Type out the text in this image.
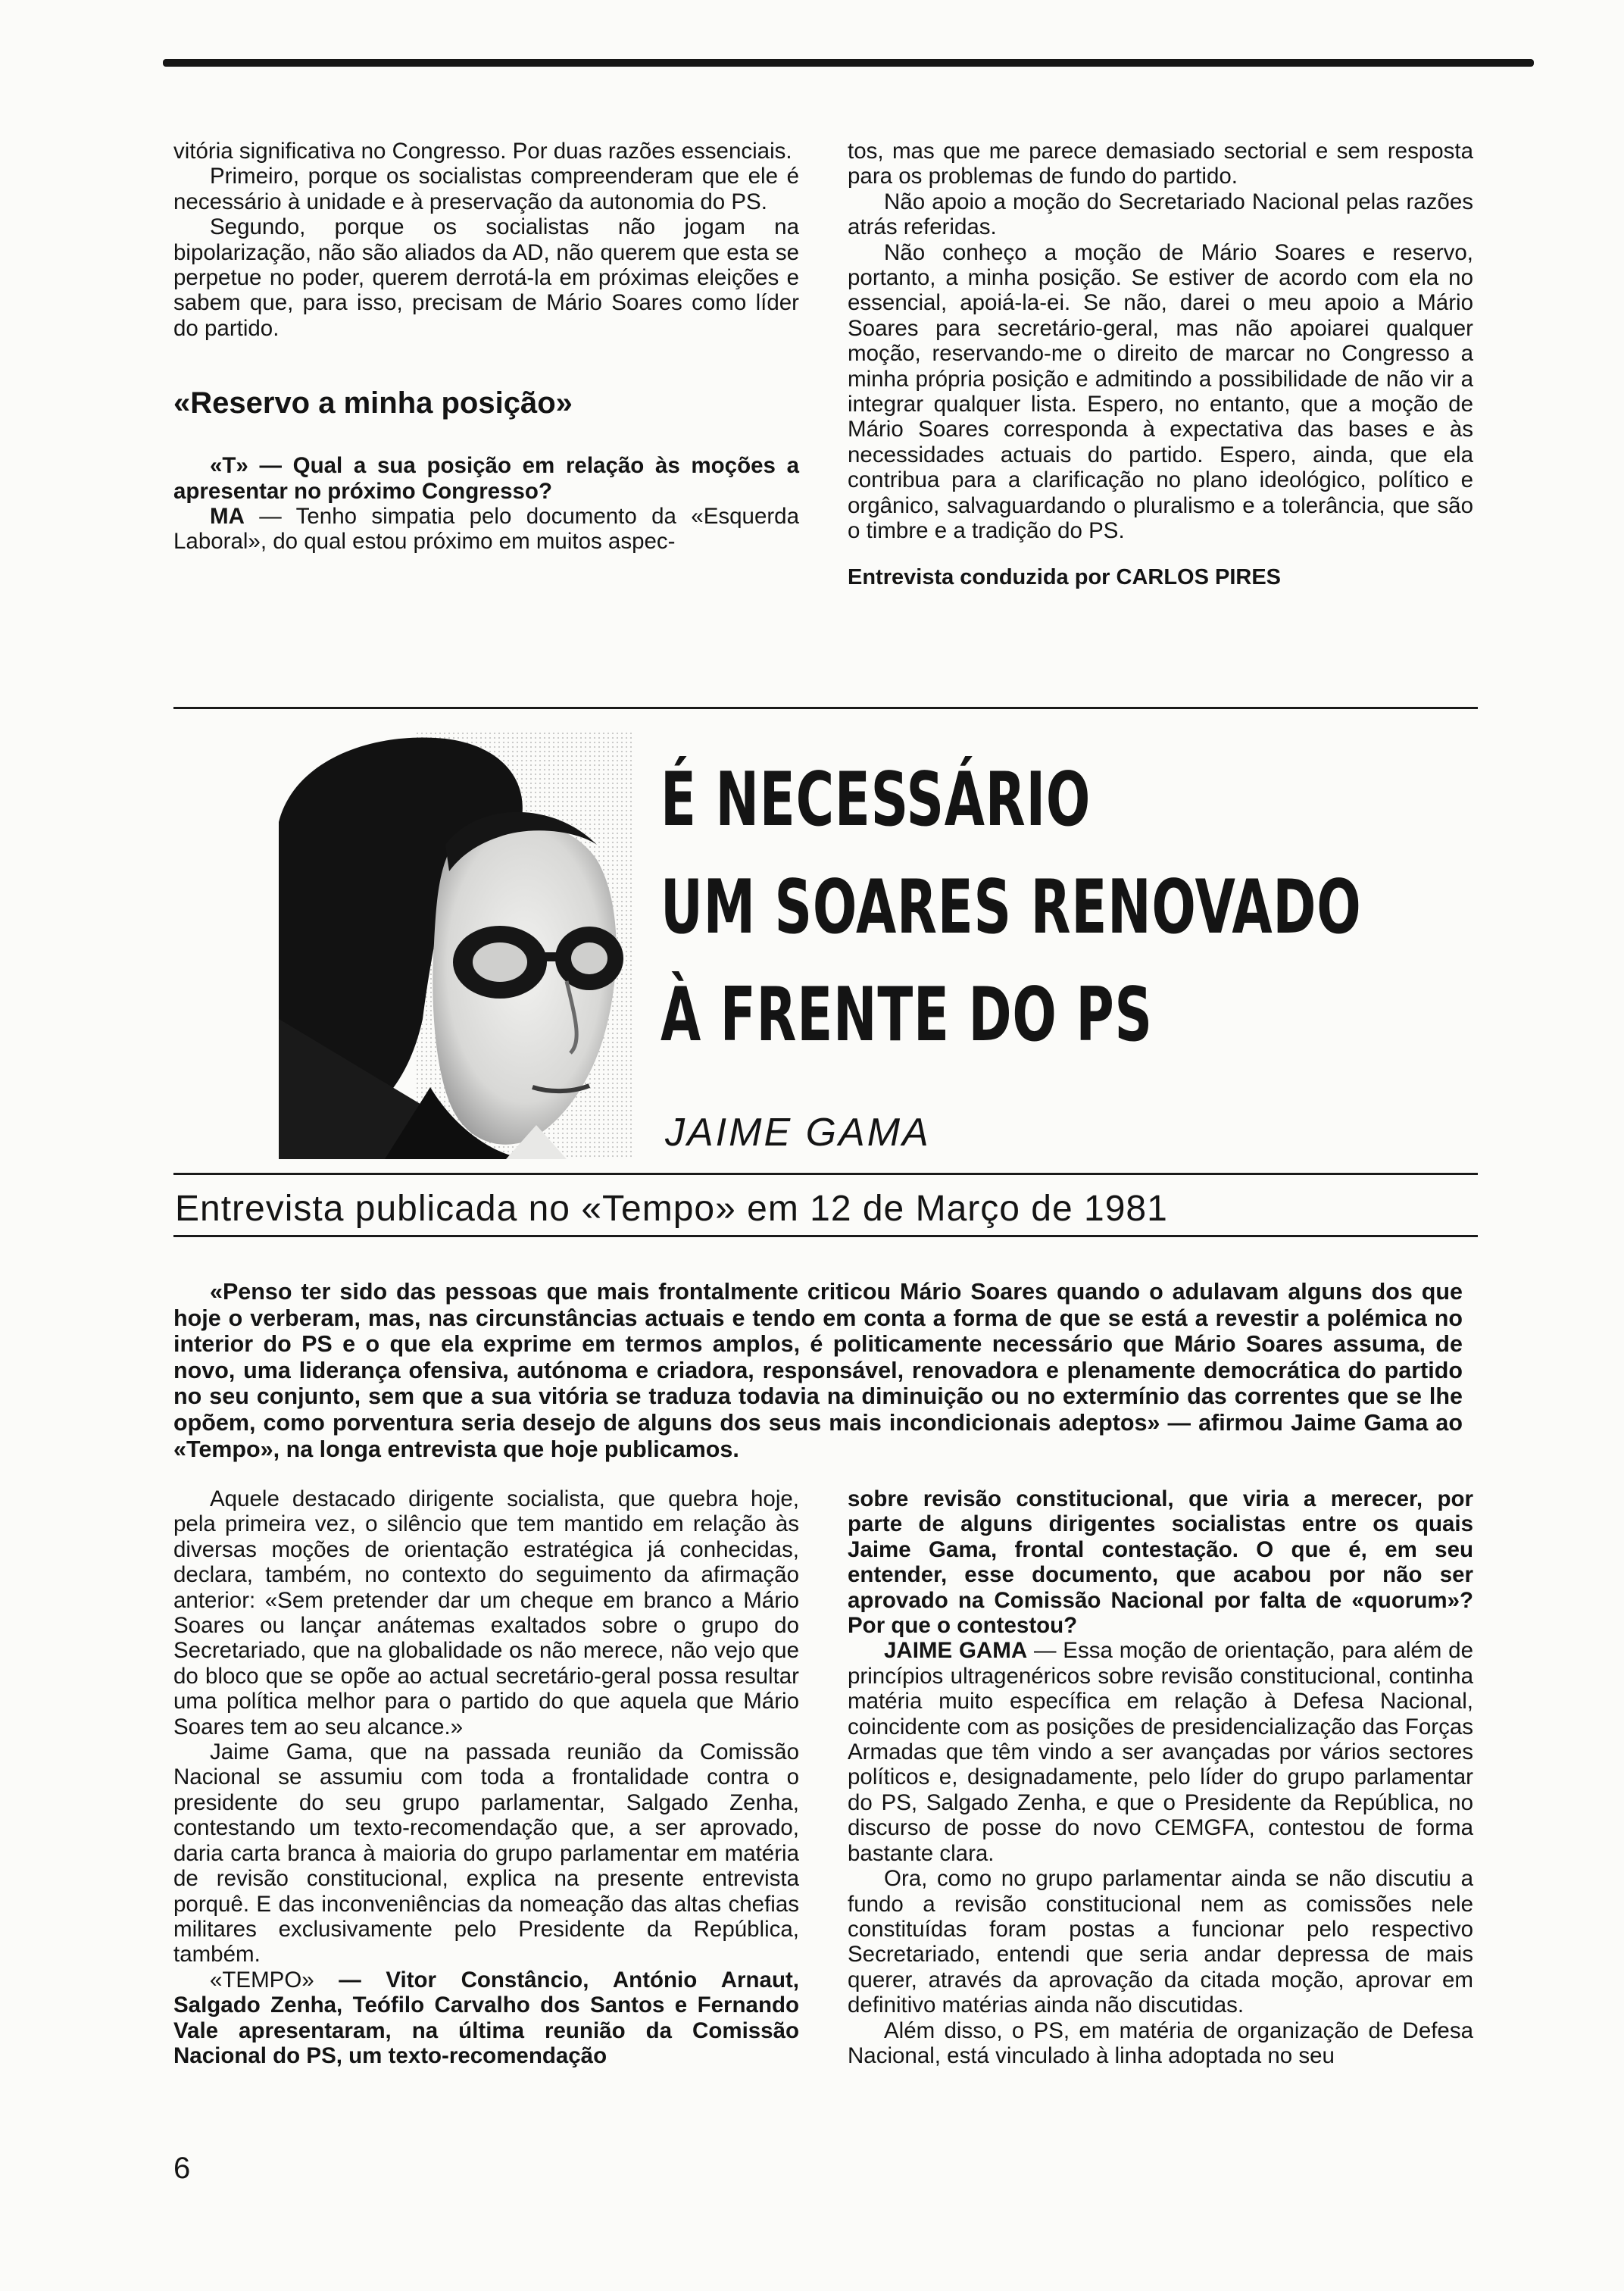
vitória significativa no Congresso. Por duas razões essenciais.

Primeiro, porque os socialistas compreenderam que ele é necessário à unidade e à preservação da autonomia do PS.

Segundo, porque os socialistas não jogam na bipolarização, não são aliados da AD, não querem que esta se perpetue no poder, querem derrotá-la em próximas eleições e sabem que, para isso, precisam de Mário Soares como líder do partido.

«Reservo a minha posição»

«T» — Qual a sua posição em relação às moções a apresentar no próximo Congresso?

MA — Tenho simpatia pelo documento da «Esquerda Laboral», do qual estou próximo em muitos aspec-

tos, mas que me parece demasiado sectorial e sem resposta para os problemas de fundo do partido.

Não apoio a moção do Secretariado Nacional pelas razões atrás referidas.

Não conheço a moção de Mário Soares e reservo, portanto, a minha posição. Se estiver de acordo com ela no essencial, apoiá-la-ei. Se não, darei o meu apoio a Mário Soares para secretário-geral, mas não apoiarei qualquer moção, reservando-me o direito de marcar no Congresso a minha própria posição e admitindo a possibilidade de não vir a integrar qualquer lista. Espero, no entanto, que a moção de Mário Soares corresponda à expectativa das bases e às necessidades actuais do partido. Espero, ainda, que ela contribua para a clarificação no plano ideológico, político e orgânico, salvaguardando o pluralismo e a tolerância, que são o timbre e a tradição do PS.

Entrevista conduzida por CARLOS PIRES

É NECESSÁRIO
UM SOARES RENOVADO
À FRENTE DO PS
JAIME GAMA
Entrevista publicada no «Tempo» em 12 de Março de 1981

«Penso ter sido das pessoas que mais frontalmente criticou Mário Soares quando o adulavam alguns dos que hoje o verberam, mas, nas circunstâncias actuais e tendo em conta a forma de que se está a revestir a polémica no interior do PS e o que ela exprime em termos amplos, é politicamente necessário que Mário Soares assuma, de novo, uma liderança ofensiva, autónoma e criadora, responsável, renovadora e plenamente democrática do partido no seu conjunto, sem que a sua vitória se traduza todavia na diminuição ou no extermínio das correntes que se lhe opõem, como porventura seria desejo de alguns dos seus mais incondicionais adeptos» — afirmou Jaime Gama ao «Tempo», na longa entrevista que hoje publicamos.

Aquele destacado dirigente socialista, que quebra hoje, pela primeira vez, o silêncio que tem mantido em relação às diversas moções de orientação estratégica já conhecidas, declara, também, no contexto do seguimento da afirmação anterior: «Sem pretender dar um cheque em branco a Mário Soares ou lançar anátemas exaltados sobre o grupo do Secretariado, que na globalidade os não merece, não vejo que do bloco que se opõe ao actual secretário-geral possa resultar uma política melhor para o partido do que aquela que Mário Soares tem ao seu alcance.»

Jaime Gama, que na passada reunião da Comissão Nacional se assumiu com toda a frontalidade contra o presidente do seu grupo parlamentar, Salgado Zenha, contestando um texto-recomendação que, a ser aprovado, daria carta branca à maioria do grupo parlamentar em matéria de revisão constitucional, explica na presente entrevista porquê. E das inconveniências da nomeação das altas chefias militares exclusivamente pelo Presidente da República, também.

«TEMPO» — Vitor Constâncio, António Arnaut, Salgado Zenha, Teófilo Carvalho dos Santos e Fernando Vale apresentaram, na última reunião da Comissão Nacional do PS, um texto-recomendação

sobre revisão constitucional, que viria a merecer, por parte de alguns dirigentes socialistas entre os quais Jaime Gama, frontal contestação. O que é, em seu entender, esse documento, que acabou por não ser aprovado na Comissão Nacional por falta de «quorum»? Por que o contestou?

JAIME GAMA — Essa moção de orientação, para além de princípios ultragenéricos sobre revisão constitucional, continha matéria muito específica em relação à Defesa Nacional, coincidente com as posições de presidencialização das Forças Armadas que têm vindo a ser avançadas por vários sectores políticos e, designadamente, pelo líder do grupo parlamentar do PS, Salgado Zenha, e que o Presidente da República, no discurso de posse do novo CEMGFA, contestou de forma bastante clara.

Ora, como no grupo parlamentar ainda se não discutiu a fundo a revisão constitucional nem as comissões nele constituídas foram postas a funcionar pelo respectivo Secretariado, entendi que seria andar depressa de mais querer, através da aprovação da citada moção, aprovar em definitivo matérias ainda não discutidas.

Além disso, o PS, em matéria de organização de Defesa Nacional, está vinculado à linha adoptada no seu

6
